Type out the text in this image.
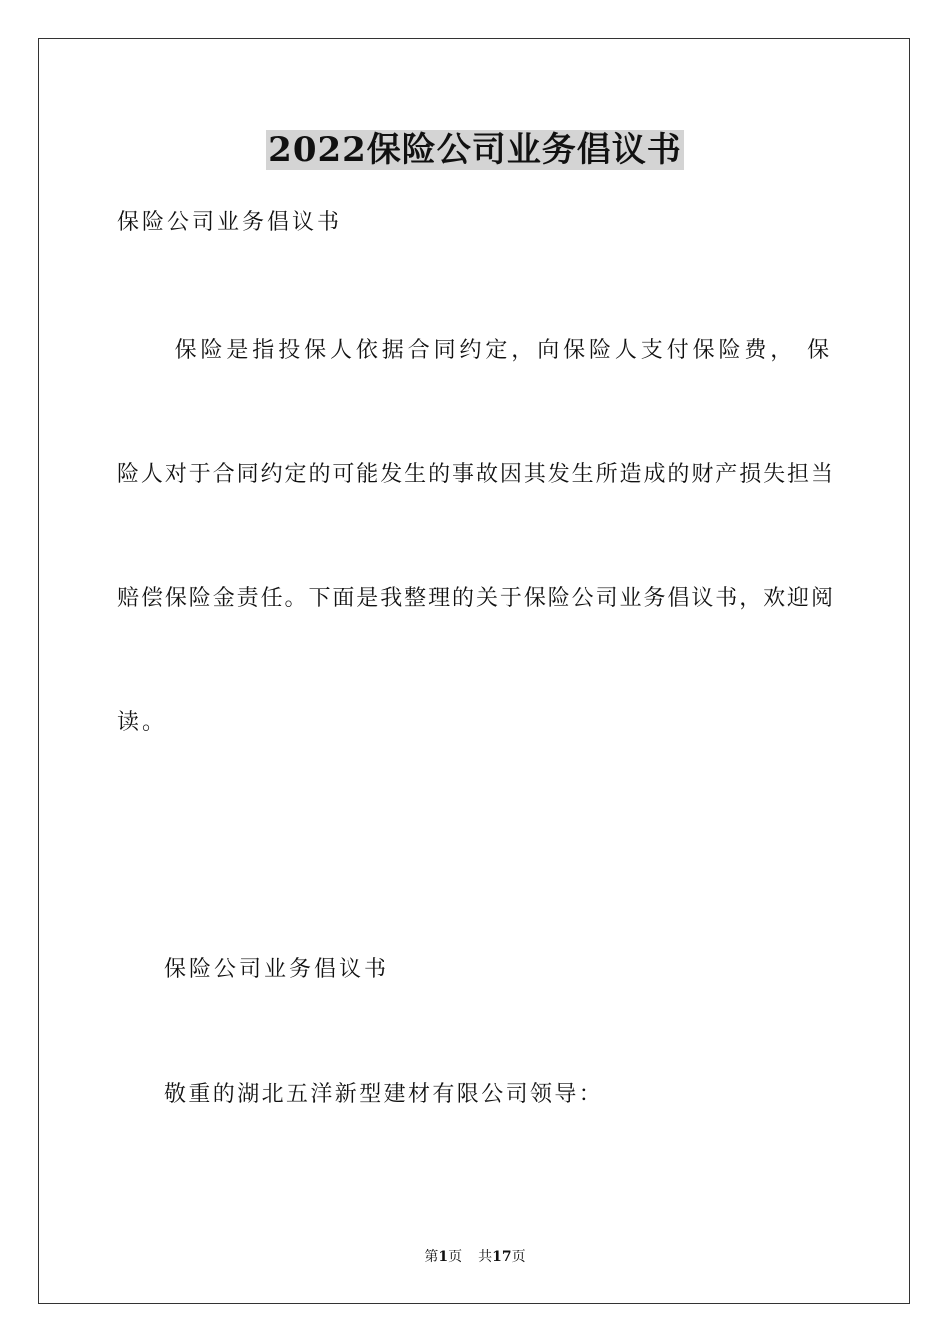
2022保险公司业务倡议书
保险公司业务倡议书
保险是指投保人依据合同约定，向保险人支付保险费， 保
险人对于合同约定的可能发生的事故因其发生所造成的财产损失担当
赔偿保险金责任。下面是我整理的关于保险公司业务倡议书，欢迎阅
读。
保险公司业务倡议书
敬重的湖北五洋新型建材有限公司领导：
第1页 共17页
